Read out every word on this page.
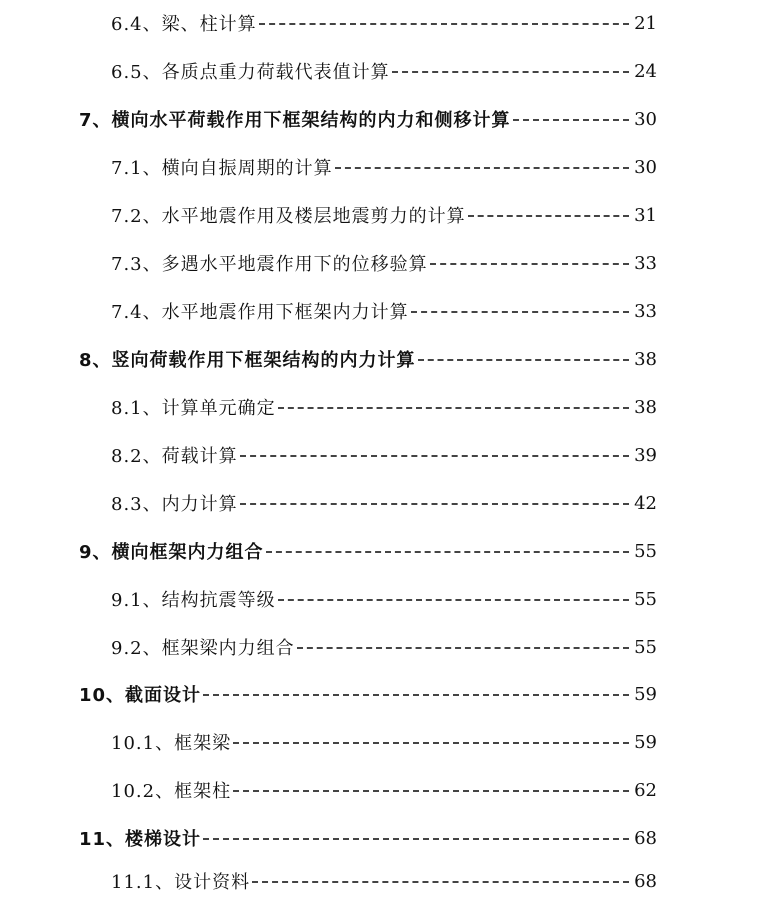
6.4、梁、柱计算	21
6.5、各质点重力荷载代表值计算	24
7、横向水平荷载作用下框架结构的内力和侧移计算	30
7.1、横向自振周期的计算	30
7.2、水平地震作用及楼层地震剪力的计算	31
7.3、多遇水平地震作用下的位移验算	33
7.4、水平地震作用下框架内力计算	33
8、竖向荷载作用下框架结构的内力计算	38
8.1、计算单元确定	38
8.2、荷载计算	39
8.3、内力计算	42
9、横向框架内力组合	55
9.1、结构抗震等级	55
9.2、框架梁内力组合	55
10、截面设计	59
10.1、框架梁	59
10.2、框架柱	62
11、楼梯设计	68
11.1、设计资料	68
